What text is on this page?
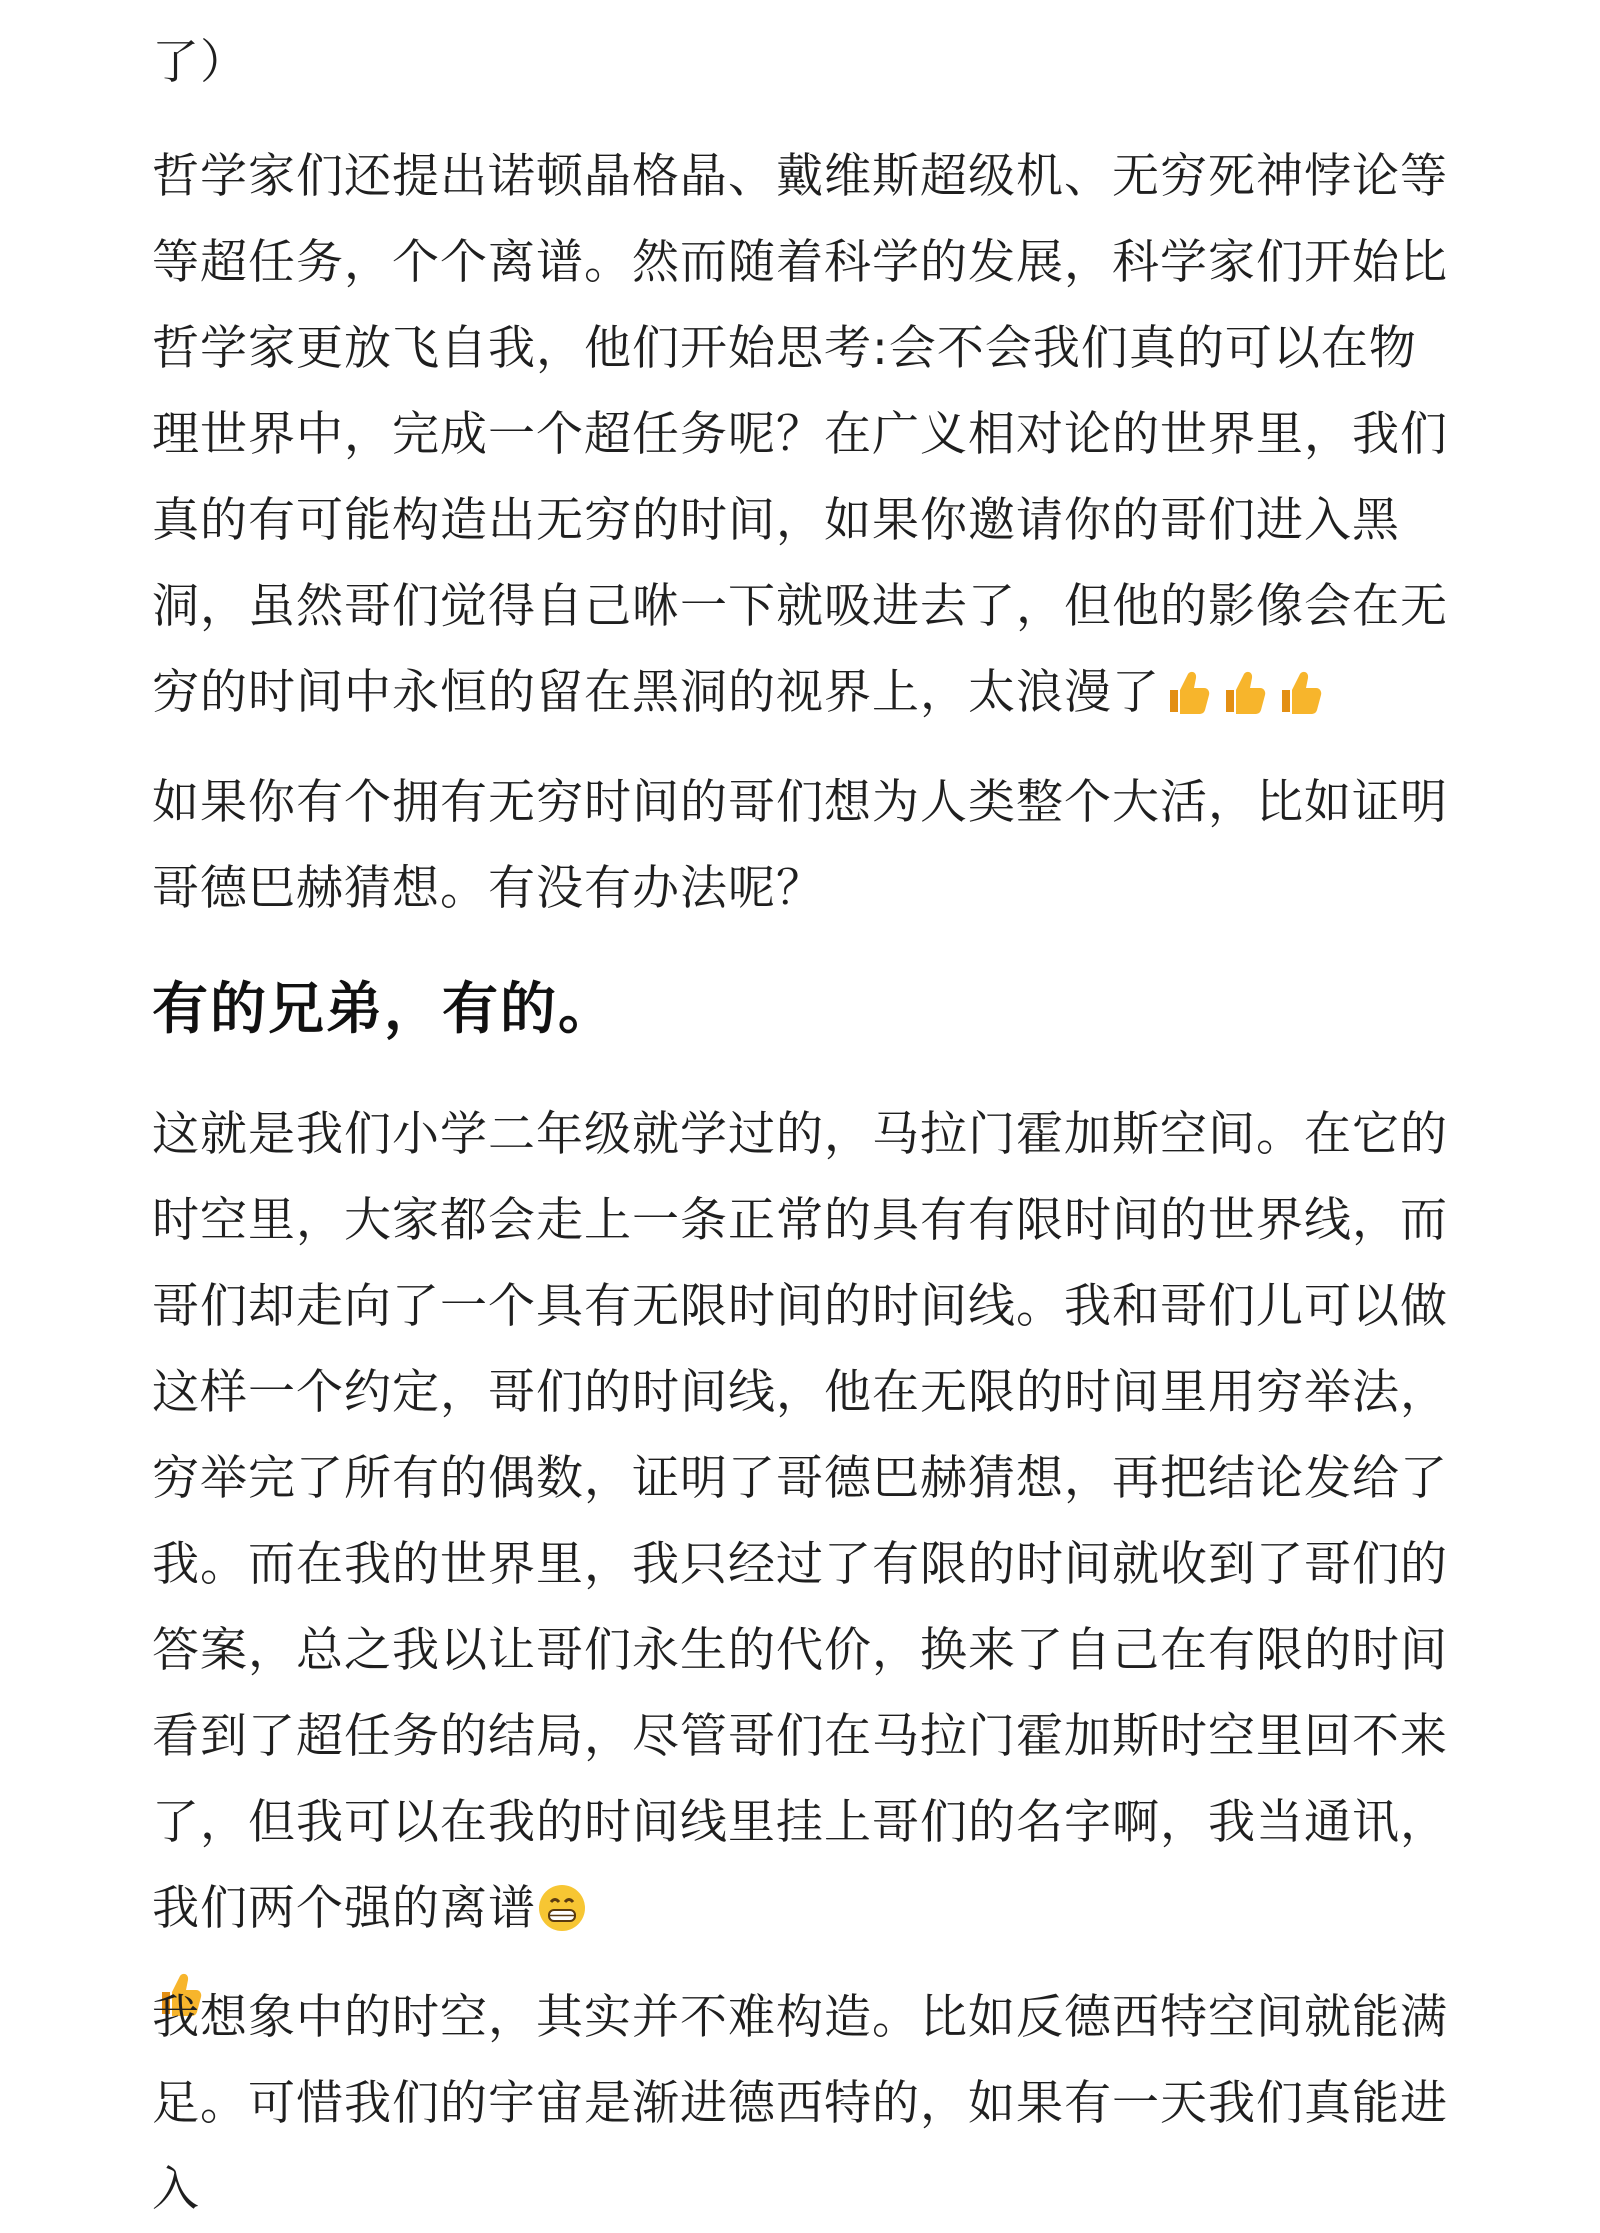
了）

哲学家们还提出诺顿晶格晶、戴维斯超级机、无穷死神悖论等等超任务，个个离谱。然而随着科学的发展，科学家们开始比哲学家更放飞自我，他们开始思考:会不会我们真的可以在物理世界中，完成一个超任务呢？在广义相对论的世界里，我们真的有可能构造出无穷的时间，如果你邀请你的哥们进入黑洞，虽然哥们觉得自己咻一下就吸进去了，但他的影像会在无穷的时间中永恒的留在黑洞的视界上，太浪漫了

如果你有个拥有无穷时间的哥们想为人类整个大活，比如证明哥德巴赫猜想。有没有办法呢？

有的兄弟，有的。

这就是我们小学二年级就学过的，马拉门霍加斯空间。在它的时空里，大家都会走上一条正常的具有有限时间的世界线，而哥们却走向了一个具有无限时间的时间线。我和哥们儿可以做这样一个约定，哥们的时间线，他在无限的时间里用穷举法，穷举完了所有的偶数，证明了哥德巴赫猜想，再把结论发给了我。而在我的世界里，我只经过了有限的时间就收到了哥们的答案，总之我以让哥们永生的代价，换来了自己在有限的时间看到了超任务的结局，尽管哥们在马拉门霍加斯时空里回不来了，但我可以在我的时间线里挂上哥们的名字啊，我当通讯，我们两个强的离谱

我想象中的时空，其实并不难构造。比如反德西特空间就能满足。可惜我们的宇宙是渐进德西特的，如果有一天我们真能进入
